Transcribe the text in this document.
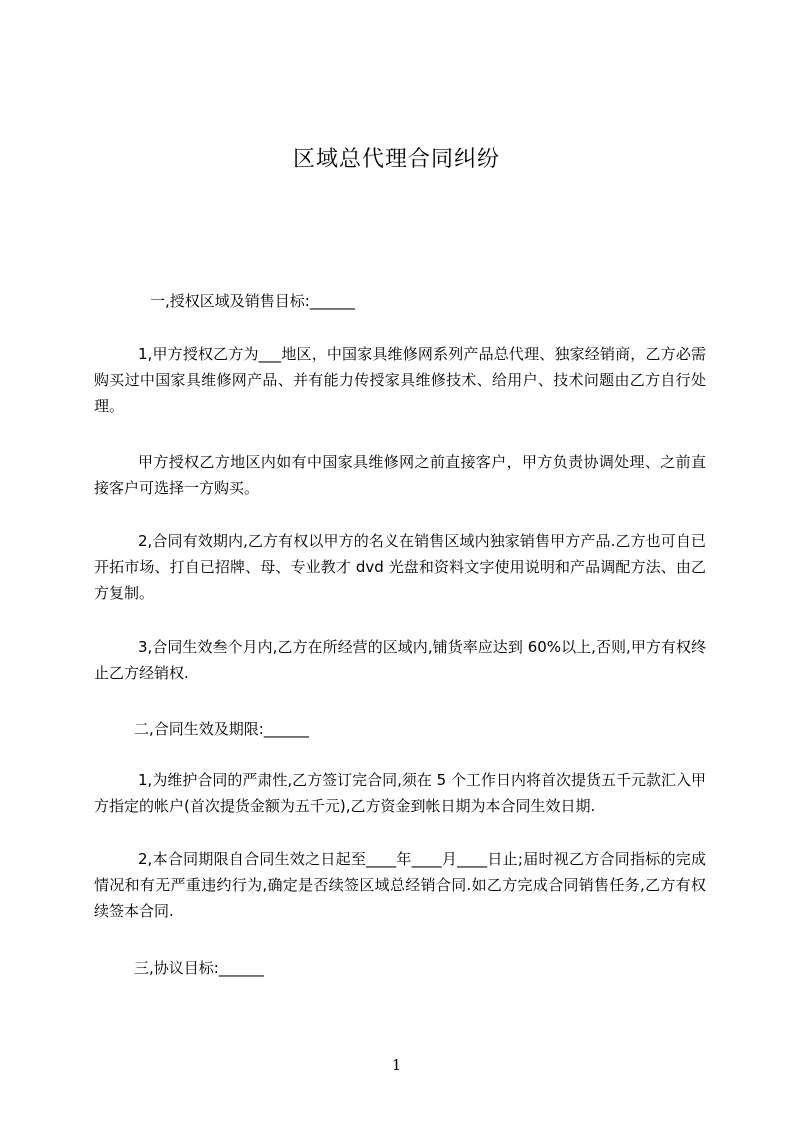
区域总代理合同纠纷

一,授权区域及销售目标:______

1,甲方授权乙方为___地区，中国家具维修网系列产品总代理、独家经销商，乙方必需购买过中国家具维修网产品、并有能力传授家具维修技术、给用户、技术问题由乙方自行处理。

甲方授权乙方地区内如有中国家具维修网之前直接客户，甲方负责协调处理、之前直接客户可选择一方购买。

2,合同有效期内,乙方有权以甲方的名义在销售区域内独家销售甲方产品.乙方也可自已开拓市场、打自已招牌、母、专业教才 dvd 光盘和资料文字使用说明和产品调配方法、由乙方复制。

3,合同生效叁个月内,乙方在所经营的区域内,铺货率应达到 60%以上,否则,甲方有权终止乙方经销权.

二,合同生效及期限:______

1,为维护合同的严肃性,乙方签订完合同,须在 5 个工作日内将首次提货五千元款汇入甲方指定的帐户(首次提货金额为五千元),乙方资金到帐日期为本合同生效日期.

2,本合同期限自合同生效之日起至____年____月____日止;届时视乙方合同指标的完成情况和有无严重违约行为,确定是否续签区域总经销合同.如乙方完成合同销售任务,乙方有权续签本合同.

三,协议目标:______

1
